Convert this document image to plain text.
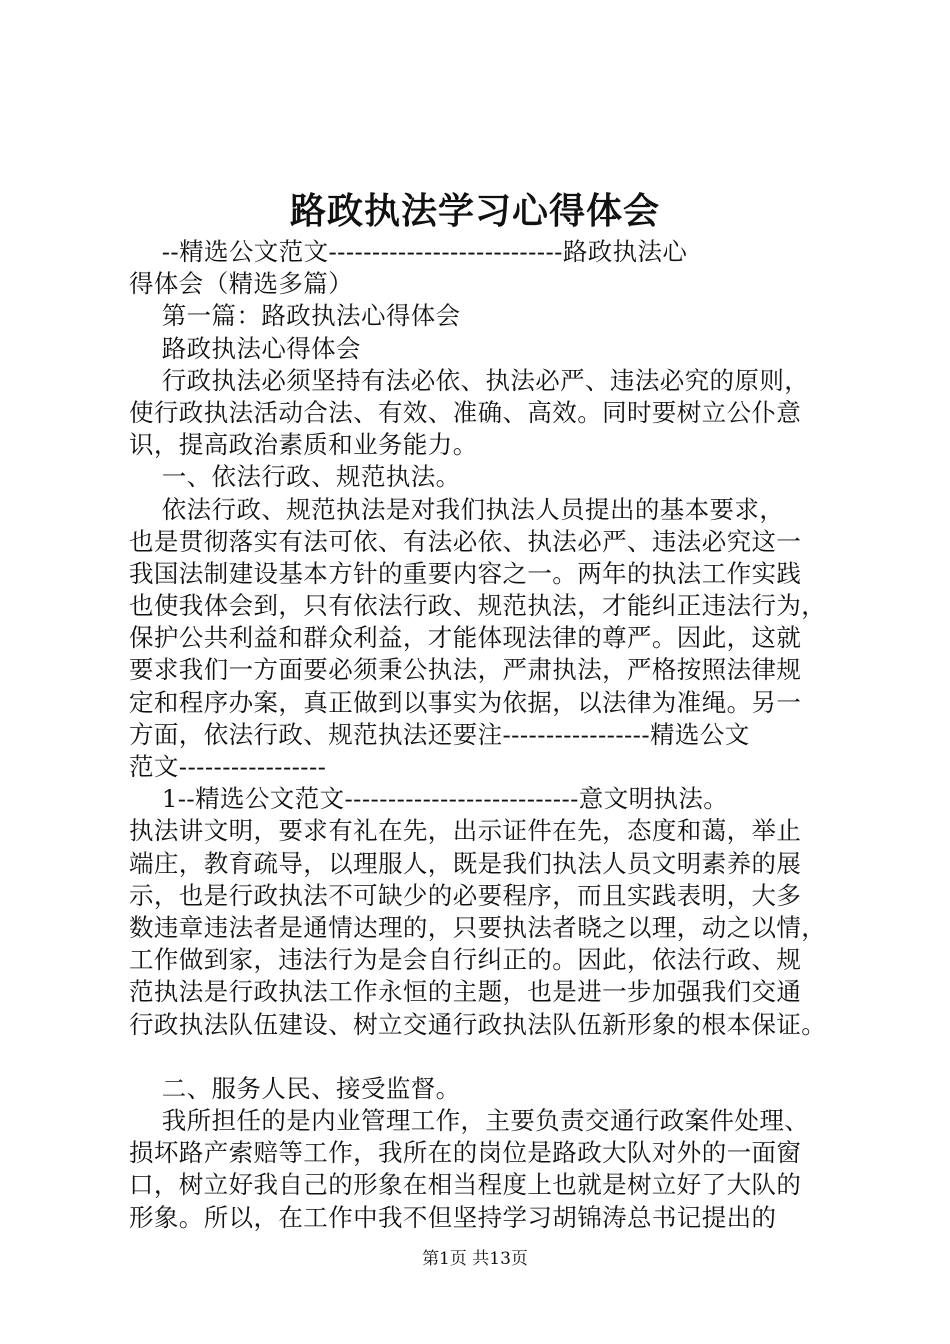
路政执法学习心得体会
--精选公文范文---------------------------路政执法心
得体会（精选多篇）
第一篇：路政执法心得体会
路政执法心得体会
行政执法必须坚持有法必依、执法必严、违法必究的原则，
使行政执法活动合法、有效、准确、高效。同时要树立公仆意
识，提高政治素质和业务能力。
一、依法行政、规范执法。
依法行政、规范执法是对我们执法人员提出的基本要求，
也是贯彻落实有法可依、有法必依、执法必严、违法必究这一
我国法制建设基本方针的重要内容之一。两年的执法工作实践
也使我体会到，只有依法行政、规范执法，才能纠正违法行为，
保护公共利益和群众利益，才能体现法律的尊严。因此，这就
要求我们一方面要必须秉公执法，严肃执法，严格按照法律规
定和程序办案，真正做到以事实为依据，以法律为准绳。另一
方面，依法行政、规范执法还要注-----------------精选公文
范文-----------------
1--精选公文范文---------------------------意文明执法。
执法讲文明，要求有礼在先，出示证件在先，态度和蔼，举止
端庄，教育疏导，以理服人，既是我们执法人员文明素养的展
示，也是行政执法不可缺少的必要程序，而且实践表明，大多
数违章违法者是通情达理的，只要执法者晓之以理，动之以情，
工作做到家，违法行为是会自行纠正的。因此，依法行政、规
范执法是行政执法工作永恒的主题，也是进一步加强我们交通
行政执法队伍建设、树立交通行政执法队伍新形象的根本保证。
二、服务人民、接受监督。
我所担任的是内业管理工作，主要负责交通行政案件处理、
损坏路产索赔等工作，我所在的岗位是路政大队对外的一面窗
口，树立好我自己的形象在相当程度上也就是树立好了大队的
形象。所以，在工作中我不但坚持学习胡锦涛总书记提出的
第1页 共13页
